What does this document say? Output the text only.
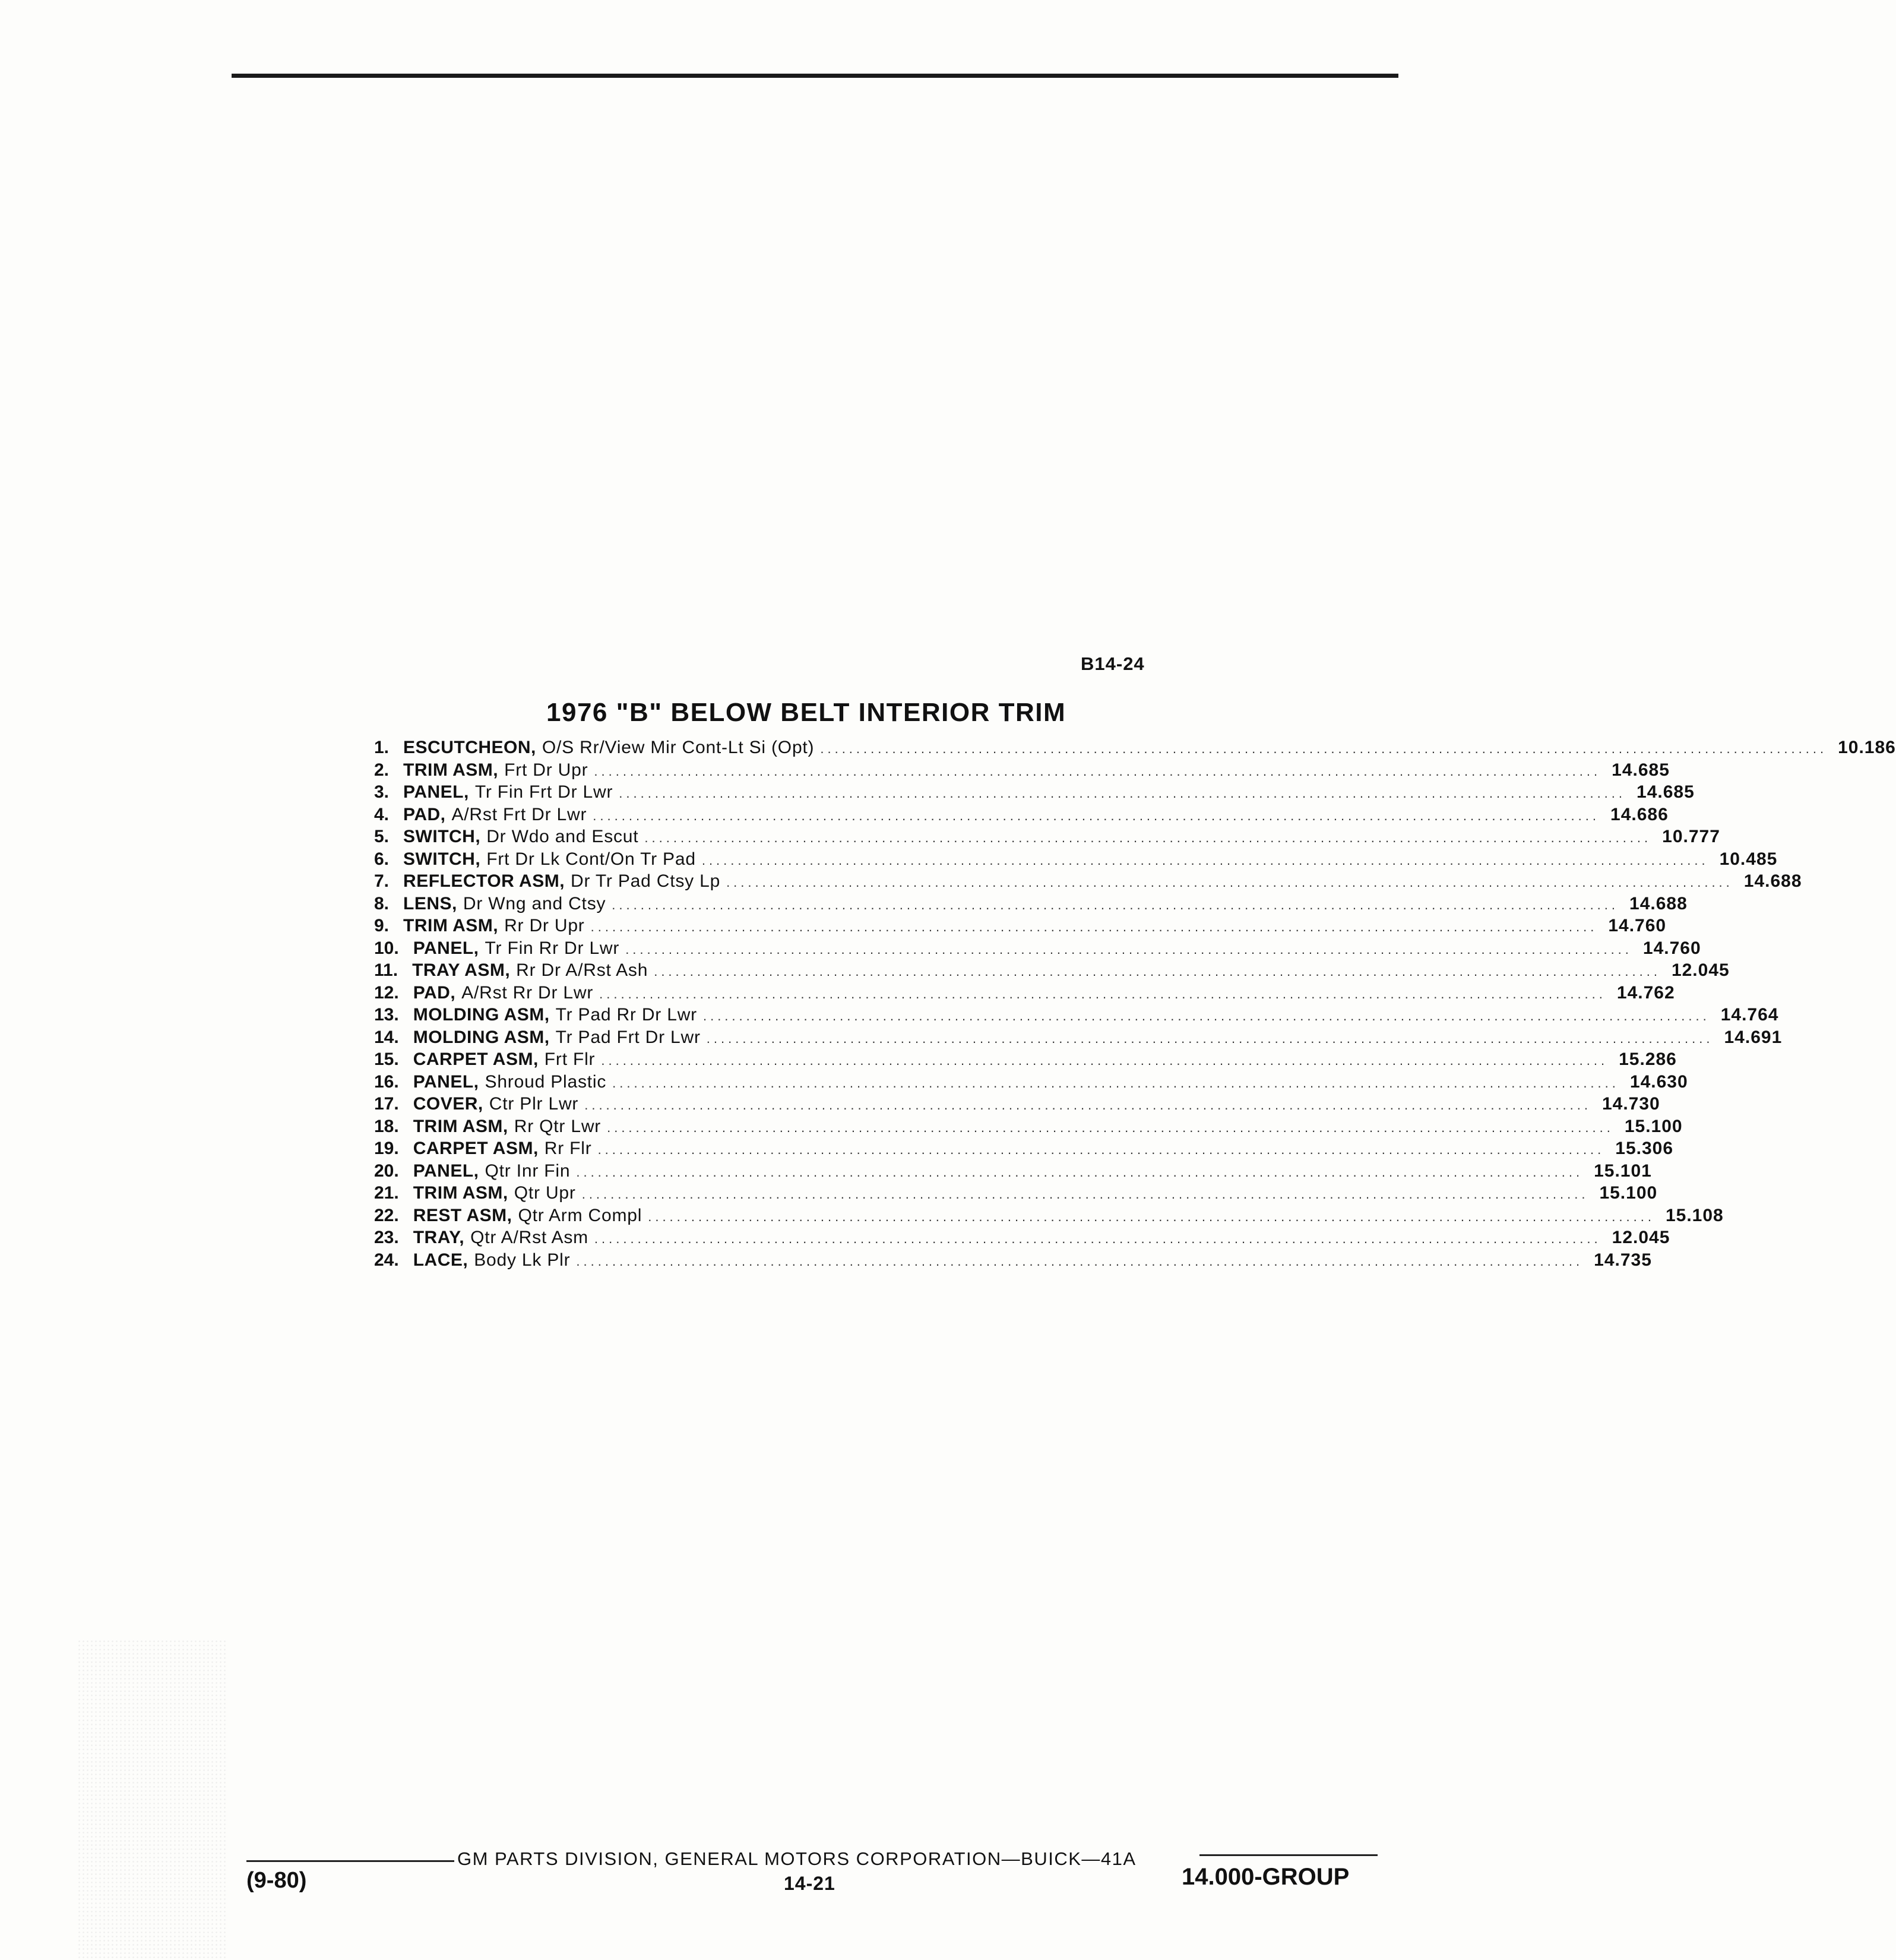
B14-24
1976 "B" BELOW BELT INTERIOR TRIM
1. ESCUTCHEON, O/S Rr/View Mir Cont-Lt Si (Opt) ............................................................................................................................................ 10.186
2. TRIM ASM, Frt Dr Upr ............................................................................................................................................ 14.685
3. PANEL, Tr Fin Frt Dr Lwr ............................................................................................................................................ 14.685
4. PAD, A/Rst Frt Dr Lwr ............................................................................................................................................ 14.686
5. SWITCH, Dr Wdo and Escut ............................................................................................................................................ 10.777
6. SWITCH, Frt Dr Lk Cont/On Tr Pad ............................................................................................................................................ 10.485
7. REFLECTOR ASM, Dr Tr Pad Ctsy Lp ............................................................................................................................................ 14.688
8. LENS, Dr Wng and Ctsy ............................................................................................................................................ 14.688
9. TRIM ASM, Rr Dr Upr ............................................................................................................................................ 14.760
10. PANEL, Tr Fin Rr Dr Lwr ............................................................................................................................................ 14.760
11. TRAY ASM, Rr Dr A/Rst Ash ............................................................................................................................................ 12.045
12. PAD, A/Rst Rr Dr Lwr ............................................................................................................................................ 14.762
13. MOLDING ASM, Tr Pad Rr Dr Lwr ............................................................................................................................................ 14.764
14. MOLDING ASM, Tr Pad Frt Dr Lwr ............................................................................................................................................ 14.691
15. CARPET ASM, Frt Flr ............................................................................................................................................ 15.286
16. PANEL, Shroud Plastic ............................................................................................................................................ 14.630
17. COVER, Ctr Plr Lwr ............................................................................................................................................ 14.730
18. TRIM ASM, Rr Qtr Lwr ............................................................................................................................................ 15.100
19. CARPET ASM, Rr Flr ............................................................................................................................................ 15.306
20. PANEL, Qtr Inr Fin ............................................................................................................................................ 15.101
21. TRIM ASM, Qtr Upr ............................................................................................................................................ 15.100
22. REST ASM, Qtr Arm Compl ............................................................................................................................................ 15.108
23. TRAY, Qtr A/Rst Asm ............................................................................................................................................ 12.045
24. LACE, Body Lk Plr ............................................................................................................................................ 14.735
GM PARTS DIVISION, GENERAL MOTORS CORPORATION—BUICK—41A
(9-80)	14-21	14.000-GROUP
